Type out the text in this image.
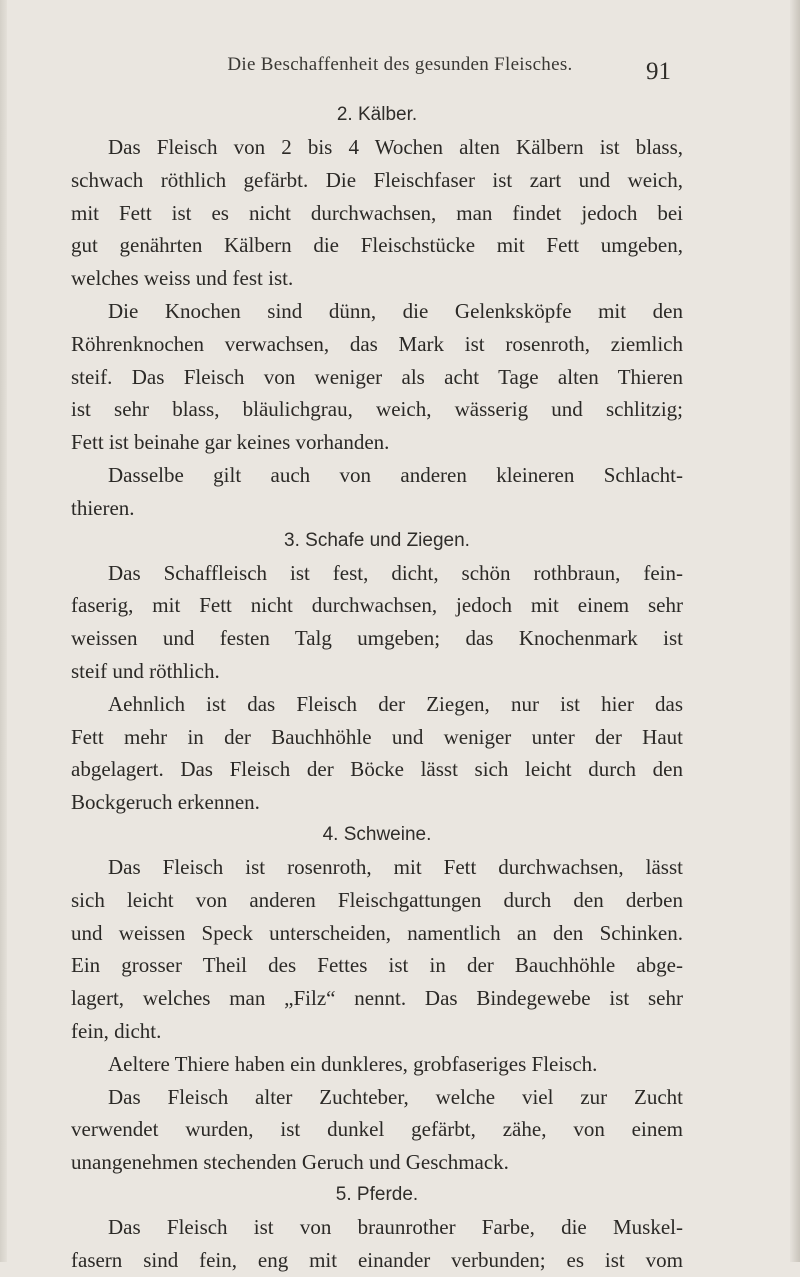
Die Beschaffenheit des gesunden Fleisches.	91
2. Kälber.
Das Fleisch von 2 bis 4 Wochen alten Kälbern ist blass,
schwach röthlich gefärbt. Die Fleischfaser ist zart und weich,
mit Fett ist es nicht durchwachsen, man findet jedoch bei
gut genährten Kälbern die Fleischstücke mit Fett umgeben,
welches weiss und fest ist.
Die Knochen sind dünn, die Gelenksköpfe mit den
Röhrenknochen verwachsen, das Mark ist rosenroth, ziemlich
steif. Das Fleisch von weniger als acht Tage alten Thieren
ist sehr blass, bläulichgrau, weich, wässerig und schlitzig;
Fett ist beinahe gar keines vorhanden.
Dasselbe gilt auch von anderen kleineren Schlacht-
thieren.
3. Schafe und Ziegen.
Das Schaffleisch ist fest, dicht, schön rothbraun, fein-
faserig, mit Fett nicht durchwachsen, jedoch mit einem sehr
weissen und festen Talg umgeben; das Knochenmark ist
steif und röthlich.
Aehnlich ist das Fleisch der Ziegen, nur ist hier das
Fett mehr in der Bauchhöhle und weniger unter der Haut
abgelagert. Das Fleisch der Böcke lässt sich leicht durch den
Bockgeruch erkennen.
4. Schweine.
Das Fleisch ist rosenroth, mit Fett durchwachsen, lässt
sich leicht von anderen Fleischgattungen durch den derben
und weissen Speck unterscheiden, namentlich an den Schinken.
Ein grosser Theil des Fettes ist in der Bauchhöhle abge-
lagert, welches man „Filz“ nennt. Das Bindegewebe ist sehr
fein, dicht.
Aeltere Thiere haben ein dunkleres, grobfaseriges Fleisch.
Das Fleisch alter Zuchteber, welche viel zur Zucht
verwendet wurden, ist dunkel gefärbt, zähe, von einem
unangenehmen stechenden Geruch und Geschmack.
5. Pferde.
Das Fleisch ist von braunrother Farbe, die Muskel-
fasern sind fein, eng mit einander verbunden; es ist vom
